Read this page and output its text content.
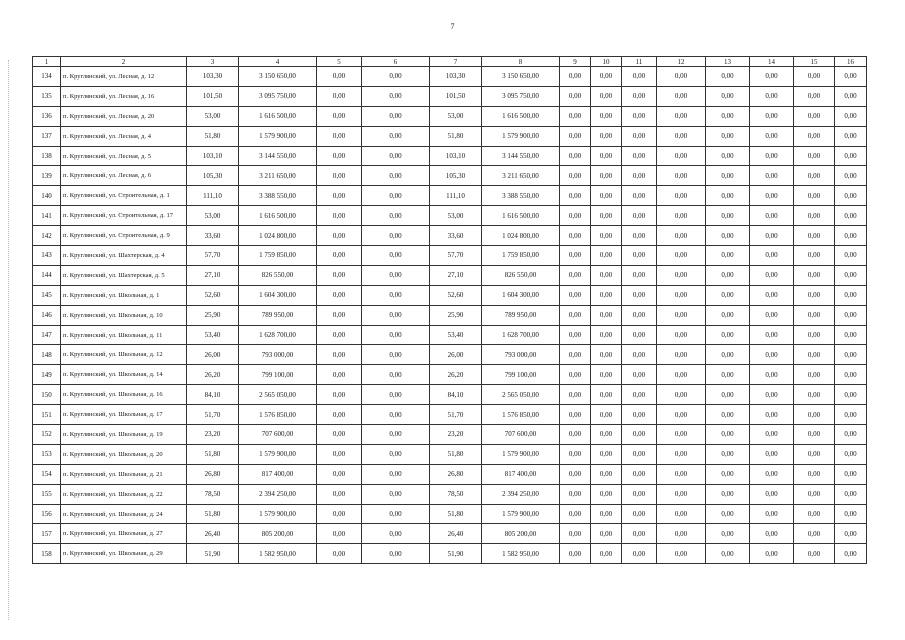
7
1	2	3	4	5	6	7	8	9	10	11	12	13	14	15	16
134	п. Круглянский, ул. Лесная, д. 12	103,30	3 150 650,00	0,00	0,00	103,30	3 150 650,00	0,00	0,00	0,00	0,00	0,00	0,00	0,00	0,00
135	п. Круглянский, ул. Лесная, д. 16	101,50	3 095 750,00	0,00	0,00	101,50	3 095 750,00	0,00	0,00	0,00	0,00	0,00	0,00	0,00	0,00
136	п. Круглянский, ул. Лесная, д. 20	53,00	1 616 500,00	0,00	0,00	53,00	1 616 500,00	0,00	0,00	0,00	0,00	0,00	0,00	0,00	0,00
137	п. Круглянский, ул. Лесная, д. 4	51,80	1 579 900,00	0,00	0,00	51,80	1 579 900,00	0,00	0,00	0,00	0,00	0,00	0,00	0,00	0,00
138	п. Круглянский, ул. Лесная, д. 5	103,10	3 144 550,00	0,00	0,00	103,10	3 144 550,00	0,00	0,00	0,00	0,00	0,00	0,00	0,00	0,00
139	п. Круглянский, ул. Лесная, д. 6	105,30	3 211 650,00	0,00	0,00	105,30	3 211 650,00	0,00	0,00	0,00	0,00	0,00	0,00	0,00	0,00
140	п. Круглянский, ул. Строительная, д. 1	111,10	3 388 550,00	0,00	0,00	111,10	3 388 550,00	0,00	0,00	0,00	0,00	0,00	0,00	0,00	0,00
141	п. Круглянский, ул. Строительная, д. 17	53,00	1 616 500,00	0,00	0,00	53,00	1 616 500,00	0,00	0,00	0,00	0,00	0,00	0,00	0,00	0,00
142	п. Круглянский, ул. Строительная, д. 9	33,60	1 024 800,00	0,00	0,00	33,60	1 024 800,00	0,00	0,00	0,00	0,00	0,00	0,00	0,00	0,00
143	п. Круглянский, ул. Шахтерская, д. 4	57,70	1 759 850,00	0,00	0,00	57,70	1 759 850,00	0,00	0,00	0,00	0,00	0,00	0,00	0,00	0,00
144	п. Круглянский, ул. Шахтерская, д. 5	27,10	826 550,00	0,00	0,00	27,10	826 550,00	0,00	0,00	0,00	0,00	0,00	0,00	0,00	0,00
145	п. Круглянский, ул. Школьная, д. 1	52,60	1 604 300,00	0,00	0,00	52,60	1 604 300,00	0,00	0,00	0,00	0,00	0,00	0,00	0,00	0,00
146	п. Круглянский, ул. Школьная, д. 10	25,90	789 950,00	0,00	0,00	25,90	789 950,00	0,00	0,00	0,00	0,00	0,00	0,00	0,00	0,00
147	п. Круглянский, ул. Школьная, д. 11	53,40	1 628 700,00	0,00	0,00	53,40	1 628 700,00	0,00	0,00	0,00	0,00	0,00	0,00	0,00	0,00
148	п. Круглянский, ул. Школьная, д. 12	26,00	793 000,00	0,00	0,00	26,00	793 000,00	0,00	0,00	0,00	0,00	0,00	0,00	0,00	0,00
149	п. Круглянский, ул. Школьная, д. 14	26,20	799 100,00	0,00	0,00	26,20	799 100,00	0,00	0,00	0,00	0,00	0,00	0,00	0,00	0,00
150	п. Круглянский, ул. Школьная, д. 16	84,10	2 565 050,00	0,00	0,00	84,10	2 565 050,00	0,00	0,00	0,00	0,00	0,00	0,00	0,00	0,00
151	п. Круглянский, ул. Школьная, д. 17	51,70	1 576 850,00	0,00	0,00	51,70	1 576 850,00	0,00	0,00	0,00	0,00	0,00	0,00	0,00	0,00
152	п. Круглянский, ул. Школьная, д. 19	23,20	707 600,00	0,00	0,00	23,20	707 600,00	0,00	0,00	0,00	0,00	0,00	0,00	0,00	0,00
153	п. Круглянский, ул. Школьная, д. 20	51,80	1 579 900,00	0,00	0,00	51,80	1 579 900,00	0,00	0,00	0,00	0,00	0,00	0,00	0,00	0,00
154	п. Круглянский, ул. Школьная, д. 21	26,80	817 400,00	0,00	0,00	26,80	817 400,00	0,00	0,00	0,00	0,00	0,00	0,00	0,00	0,00
155	п. Круглянский, ул. Школьная, д. 22	78,50	2 394 250,00	0,00	0,00	78,50	2 394 250,00	0,00	0,00	0,00	0,00	0,00	0,00	0,00	0,00
156	п. Круглянский, ул. Школьная, д. 24	51,80	1 579 900,00	0,00	0,00	51,80	1 579 900,00	0,00	0,00	0,00	0,00	0,00	0,00	0,00	0,00
157	п. Круглянский, ул. Школьная, д. 27	26,40	805 200,00	0,00	0,00	26,40	805 200,00	0,00	0,00	0,00	0,00	0,00	0,00	0,00	0,00
158	п. Круглянский, ул. Школьная, д. 29	51,90	1 582 950,00	0,00	0,00	51,90	1 582 950,00	0,00	0,00	0,00	0,00	0,00	0,00	0,00	0,00
